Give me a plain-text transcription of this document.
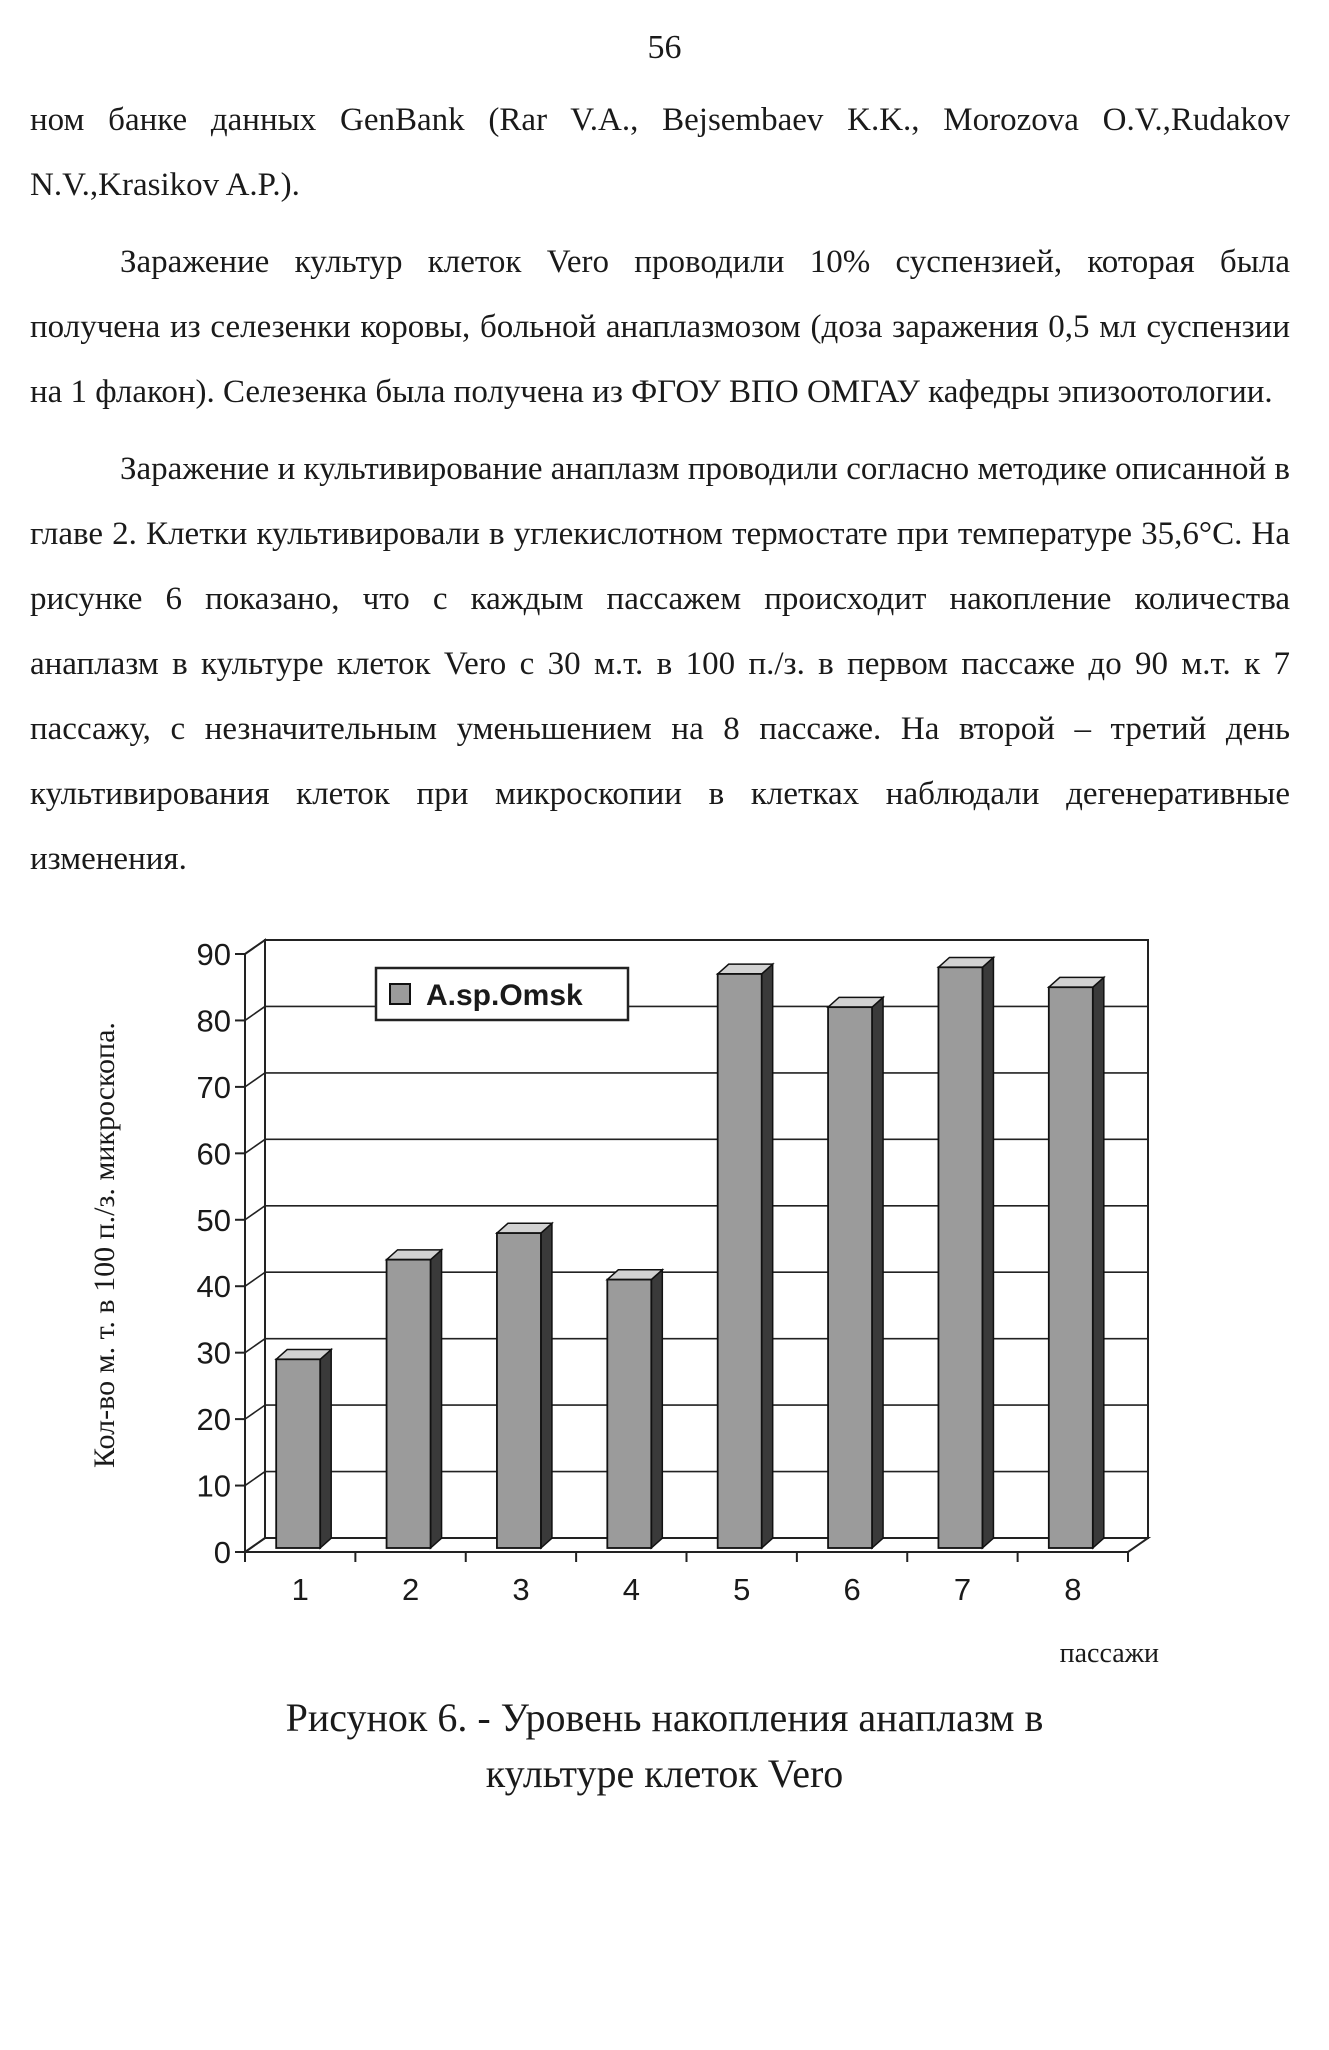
56

ном банке данных GenBank (Rar V.A., Bejsembaev K.K., Morozova O.V.,Rudakov N.V.,Krasikov A.P.).

Заражение культур клеток Vero проводили 10% суспензией, которая была получена из селезенки коровы, больной анаплазмозом (доза заражения 0,5 мл суспензии на 1 флакон). Селезенка была получена из ФГОУ ВПО ОМГАУ кафедры эпизоотологии.

Заражение и культивирование анаплазм проводили согласно методике описанной в главе 2. Клетки культивировали в углекислотном термостате при температуре 35,6°С. На рисунке 6 показано, что с каждым пассажем происходит накопление количества анаплазм в культуре клеток Vero с 30 м.т. в 100 п./з. в первом пассаже до 90 м.т. к 7 пассажу, с незначительным уменьшением на 8 пассаже. На второй – третий день культивирования клеток при микроскопии в клетках наблюдали дегенеративные изменения.

0
10
20
30
40
50
60
70
80
90
1	2	3	4	5	6	7	8
A.sp.Omsk
Кол-во м. т. в 100 п./з. микроскопа.
пассажи
Рисунок 6. - Уровень накопления анаплазм в
культуре клеток Vero
